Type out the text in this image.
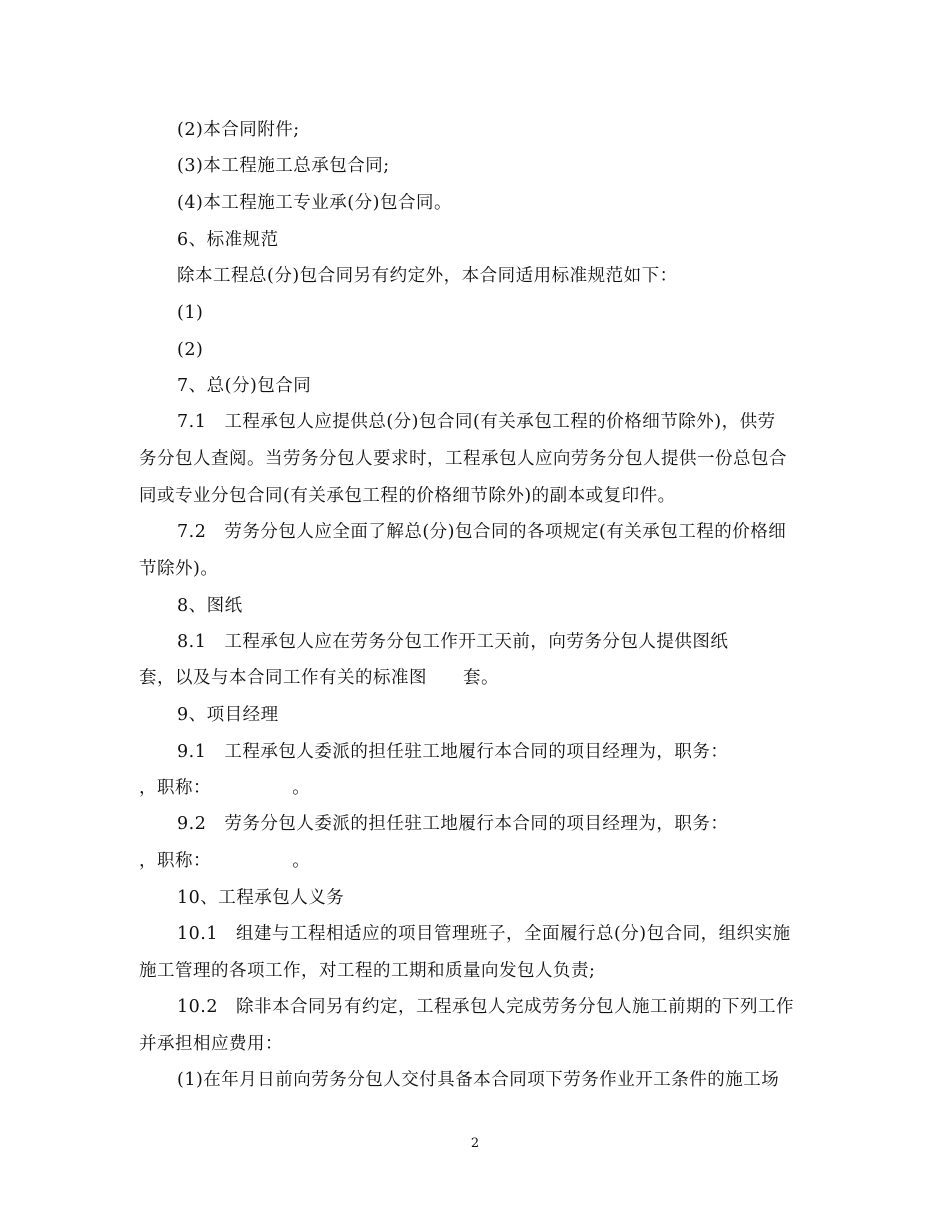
(2)本合同附件;
(3)本工程施工总承包合同;
(4)本工程施工专业承(分)包合同。
6、标准规范
除本工程总(分)包合同另有约定外，本合同适用标准规范如下：
(1)
(2)
7、总(分)包合同
7.1　工程承包人应提供总(分)包合同(有关承包工程的价格细节除外)，供劳
务分包人查阅。当劳务分包人要求时，工程承包人应向劳务分包人提供一份总包合
同或专业分包合同(有关承包工程的价格细节除外)的副本或复印件。
7.2　劳务分包人应全面了解总(分)包合同的各项规定(有关承包工程的价格细
节除外)。
8、图纸
8.1　工程承包人应在劳务分包工作开工天前，向劳务分包人提供图纸
套，以及与本合同工作有关的标准图　　套。
9、项目经理
9.1　工程承包人委派的担任驻工地履行本合同的项目经理为，职务：
，职称：　　　　　。
9.2　劳务分包人委派的担任驻工地履行本合同的项目经理为，职务：
，职称：　　　　　。
10、工程承包人义务
10.1　组建与工程相适应的项目管理班子，全面履行总(分)包合同，组织实施
施工管理的各项工作，对工程的工期和质量向发包人负责;
10.2　除非本合同另有约定，工程承包人完成劳务分包人施工前期的下列工作
并承担相应费用：
(1)在年月日前向劳务分包人交付具备本合同项下劳务作业开工条件的施工场
2
